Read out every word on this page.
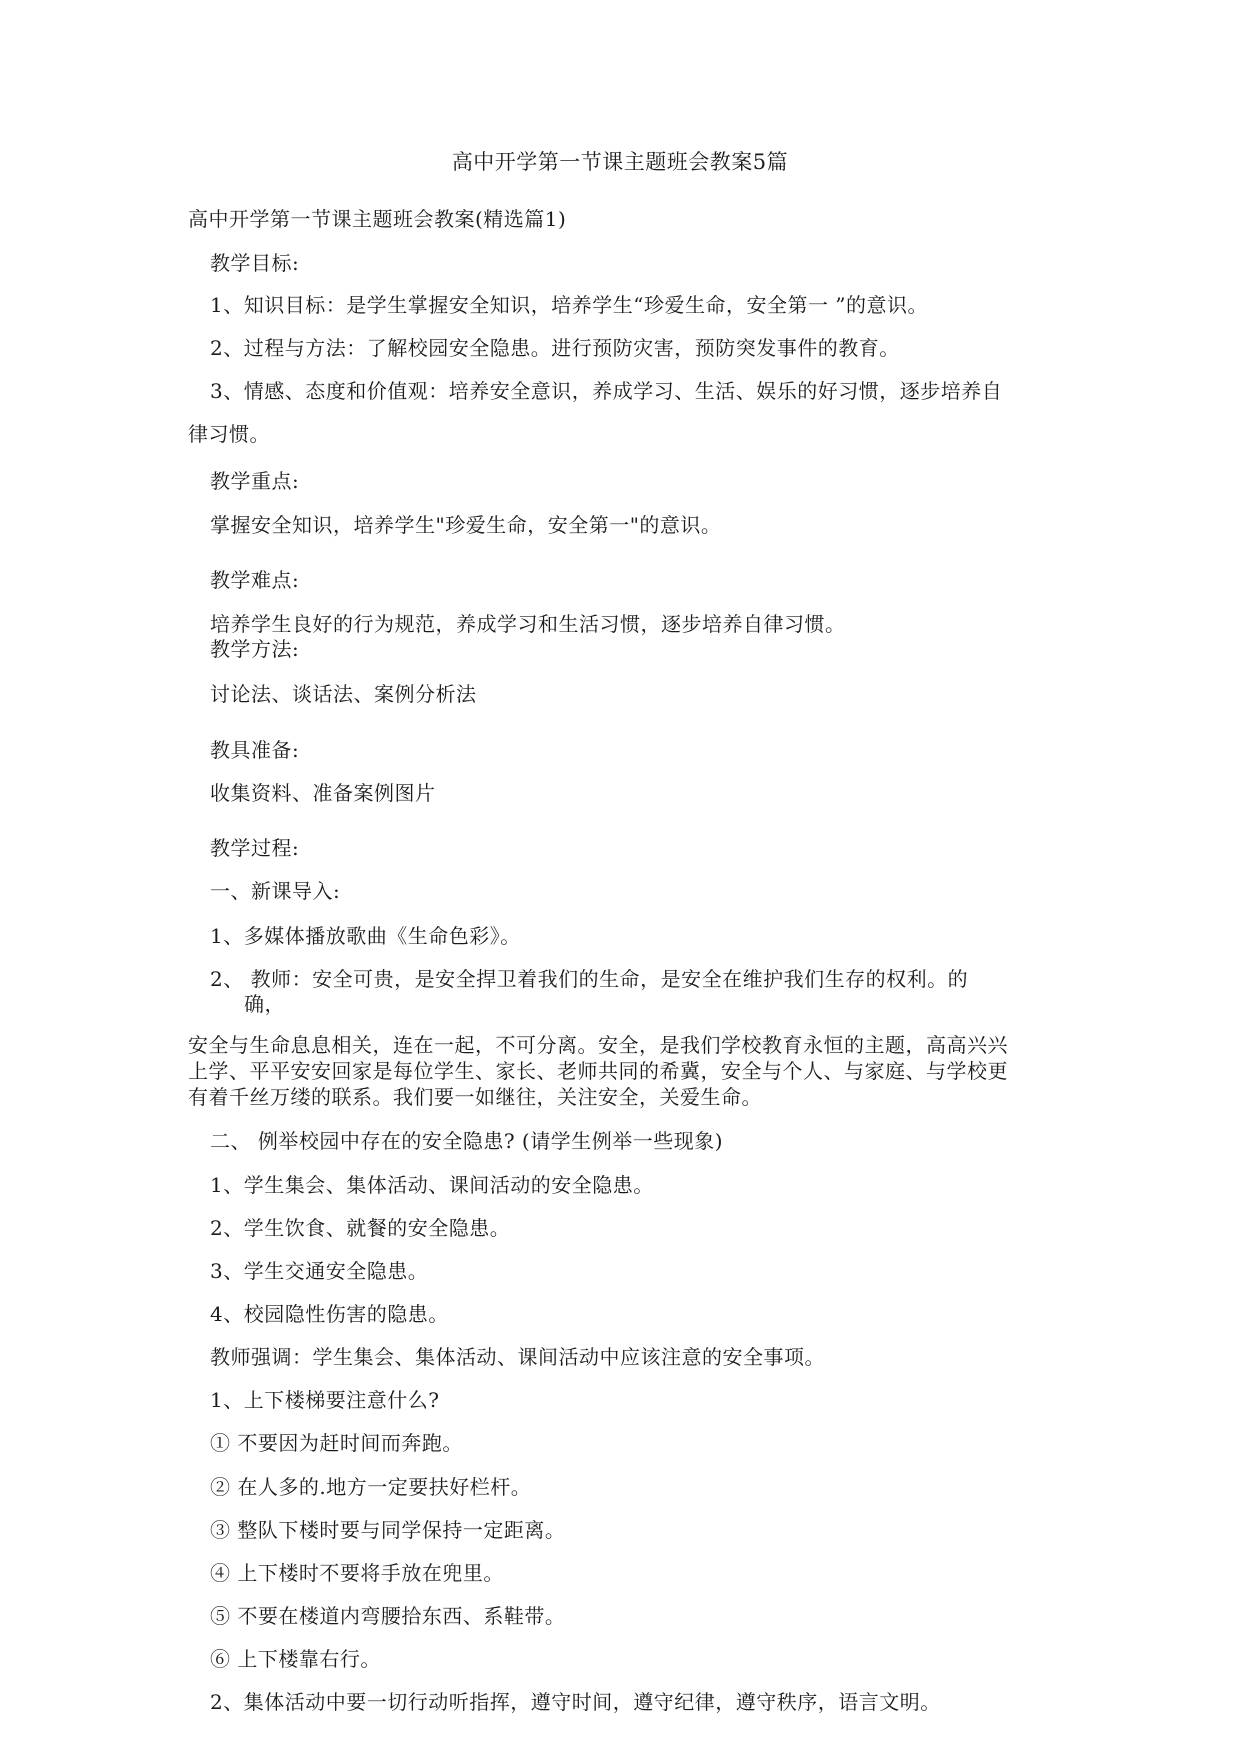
高中开学第一节课主题班会教案5篇
高中开学第一节课主题班会教案(精选篇1)
教学目标:
1、知识目标：是学生掌握安全知识，培养学生“珍爱生命，安全第一 ”的意识。
2、过程与方法：了解校园安全隐患。进行预防灾害，预防突发事件的教育。
3、情感、态度和价值观：培养安全意识，养成学习、生活、娱乐的好习惯，逐步培养自
律习惯。
教学重点:
掌握安全知识，培养学生"珍爱生命，安全第一"的意识。
教学难点:
培养学生良好的行为规范，养成学习和生活习惯，逐步培养自律习惯。
教学方法:
讨论法、谈话法、案例分析法
教具准备:
收集资料、准备案例图片
教学过程:
一、新课导入:
1、多媒体播放歌曲《生命色彩》。
2、 教师：安全可贵，是安全捍卫着我们的生命，是安全在维护我们生存的权利。的
确，
安全与生命息息相关，连在一起，不可分离。安全，是我们学校教育永恒的主题，高高兴兴
上学、平平安安回家是每位学生、家长、老师共同的希冀，安全与个人、与家庭、与学校更
有着千丝万缕的联系。我们要一如继往，关注安全，关爱生命。
二、 例举校园中存在的安全隐患? (请学生例举一些现象)
1、学生集会、集体活动、课间活动的安全隐患。
2、学生饮食、就餐的安全隐患。
3、学生交通安全隐患。
4、校园隐性伤害的隐患。
教师强调：学生集会、集体活动、课间活动中应该注意的安全事项。
1、上下楼梯要注意什么?
① 不要因为赶时间而奔跑。
② 在人多的.地方一定要扶好栏杆。
③ 整队下楼时要与同学保持一定距离。
④ 上下楼时不要将手放在兜里。
⑤ 不要在楼道内弯腰拾东西、系鞋带。
⑥ 上下楼靠右行。
2、集体活动中要一切行动听指挥，遵守时间，遵守纪律，遵守秩序，语言文明。
